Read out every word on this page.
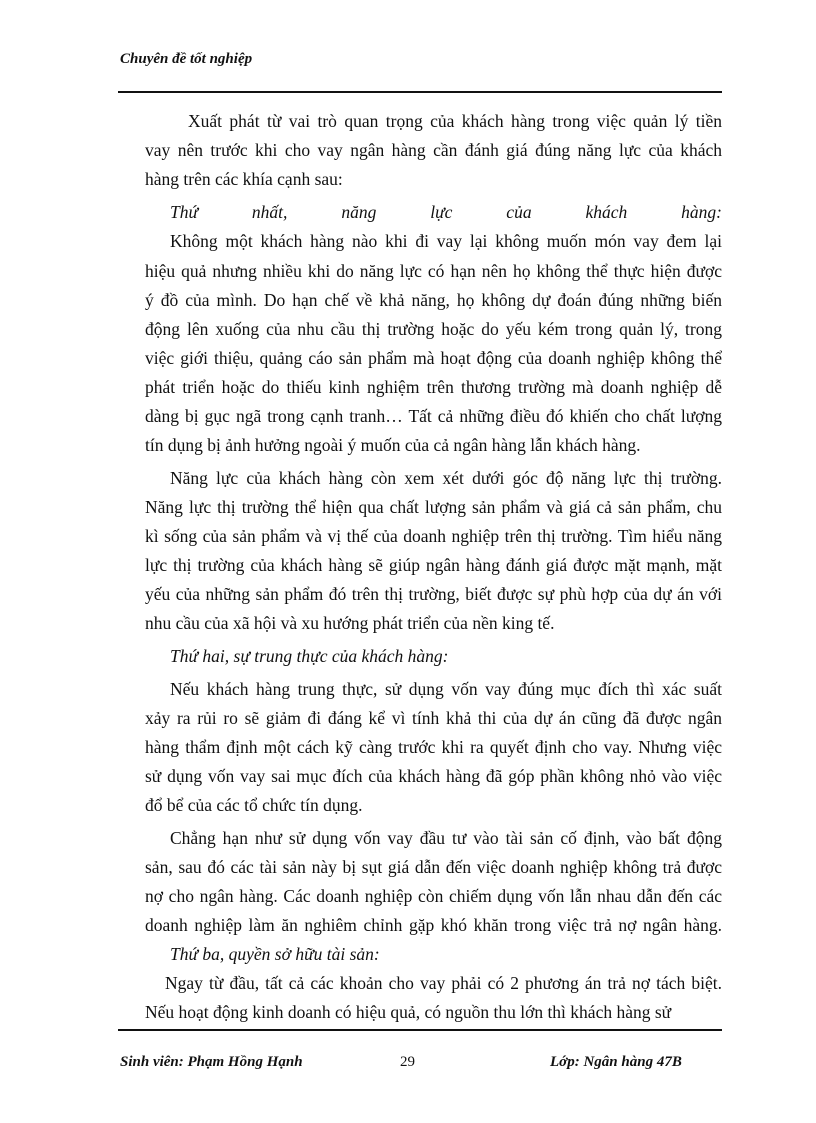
Chuyên đề tốt nghiệp
Xuất phát từ vai trò quan trọng của khách hàng trong việc quản lý tiền
vay nên trước khi cho vay ngân hàng cần đánh giá đúng năng lực của khách
hàng trên các khía cạnh sau:
Thứ nhất, năng lực của khách hàng:
Không một khách hàng nào khi đi vay lại không muốn món vay đem lại
hiệu quả nhưng nhiều khi do năng lực có hạn nên họ không thể thực hiện được
ý đồ của mình. Do hạn chế về khả năng, họ không dự đoán đúng những biến
động lên xuống của nhu cầu thị trường hoặc do yếu kém trong quản lý, trong
việc giới thiệu, quảng cáo sản phẩm mà hoạt động của doanh nghiệp không thể
phát triển hoặc do thiếu kinh nghiệm trên thương trường mà doanh nghiệp dễ
dàng bị gục ngã trong cạnh tranh… Tất cả những điều đó khiến cho chất lượng
tín dụng bị ảnh hưởng ngoài ý muốn của cả ngân hàng lẫn khách hàng.
Năng lực của khách hàng còn xem xét dưới góc độ năng lực thị trường.
Năng lực thị trường thể hiện qua chất lượng sản phẩm và giá cả sản phẩm, chu
kì sống của sản phẩm và vị thế của doanh nghiệp trên thị trường. Tìm hiểu năng
lực thị trường của khách hàng sẽ giúp ngân hàng đánh giá được mặt mạnh, mặt
yếu của những sản phẩm đó trên thị trường, biết được sự phù hợp của dự án với
nhu cầu của xã hội và xu hướng phát triển của nền king tế.
Thứ hai, sự trung thực của khách hàng:
Nếu khách hàng trung thực, sử dụng vốn vay đúng mục đích thì xác suất
xảy ra rủi ro sẽ giảm đi đáng kể vì tính khả thi của dự án cũng đã được ngân
hàng thẩm định một cách kỹ càng trước khi ra quyết định cho vay. Nhưng việc
sử dụng vốn vay sai mục đích của khách hàng đã góp phần không nhỏ vào việc
đổ bể của các tổ chức tín dụng.
Chẳng hạn như sử dụng vốn vay đầu tư vào tài sản cố định, vào bất động
sản, sau đó các tài sản này bị sụt giá dẫn đến việc doanh nghiệp không trả được
nợ cho ngân hàng. Các doanh nghiệp còn chiếm dụng vốn lẫn nhau dẫn đến các
doanh nghiệp làm ăn nghiêm chỉnh gặp khó khăn trong việc trả nợ ngân hàng.
Thứ ba, quyền sở hữu tài sản:
Ngay từ đầu, tất cả các khoản cho vay phải có 2 phương án trả nợ tách biệt.
Nếu hoạt động kinh doanh có hiệu quả, có nguồn thu lớn thì khách hàng sử
Sinh viên: Phạm Hồng Hạnh	29	Lớp: Ngân hàng 47B
